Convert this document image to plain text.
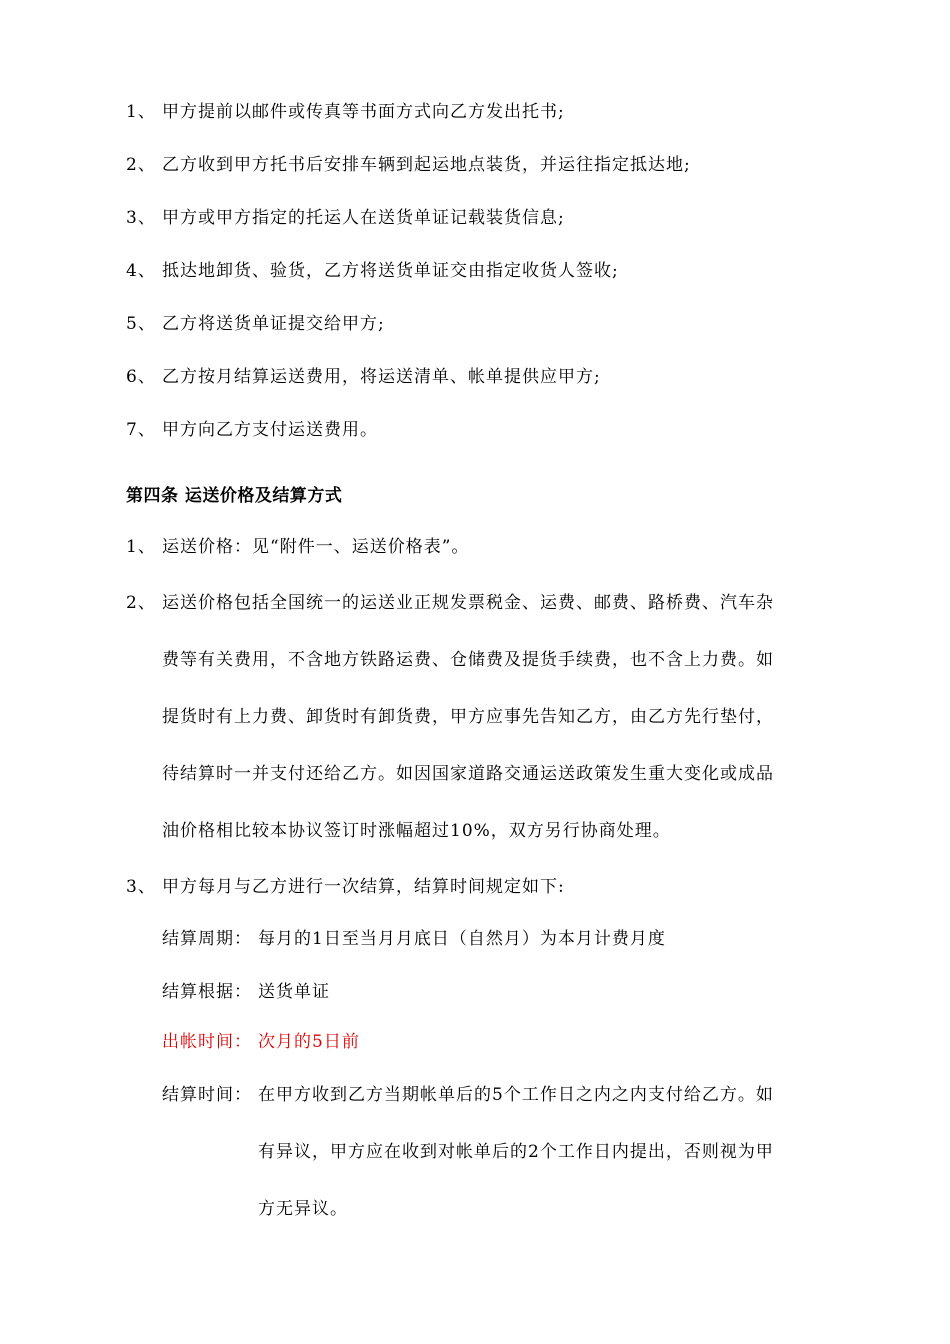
1、 甲方提前以邮件或传真等书面方式向乙方发出托书;
2、 乙方收到甲方托书后安排车辆到起运地点装货，并运往指定抵达地;
3、 甲方或甲方指定的托运人在送货单证记载装货信息;
4、 抵达地卸货、验货，乙方将送货单证交由指定收货人签收;
5、 乙方将送货单证提交给甲方;
6、 乙方按月结算运送费用，将运送清单、帐单提供应甲方;
7、 甲方向乙方支付运送费用。
第四条 运送价格及结算方式
1、 运送价格：见“附件一、运送价格表”。
2、 运送价格包括全国统一的运送业正规发票税金、运费、邮费、路桥费、汽车杂
费等有关费用，不含地方铁路运费、仓储费及提货手续费，也不含上力费。如
提货时有上力费、卸货时有卸货费，甲方应事先告知乙方，由乙方先行垫付，
待结算时一并支付还给乙方。如因国家道路交通运送政策发生重大变化或成品
油价格相比较本协议签订时涨幅超过10%，双方另行协商处理。
3、 甲方每月与乙方进行一次结算，结算时间规定如下:
结算周期： 每月的1日至当月月底日（自然月）为本月计费月度
结算根据： 送货单证
出帐时间： 次月的5日前
结算时间： 在甲方收到乙方当期帐单后的5个工作日之内之内支付给乙方。如
有异议，甲方应在收到对帐单后的2个工作日内提出，否则视为甲
方无异议。
